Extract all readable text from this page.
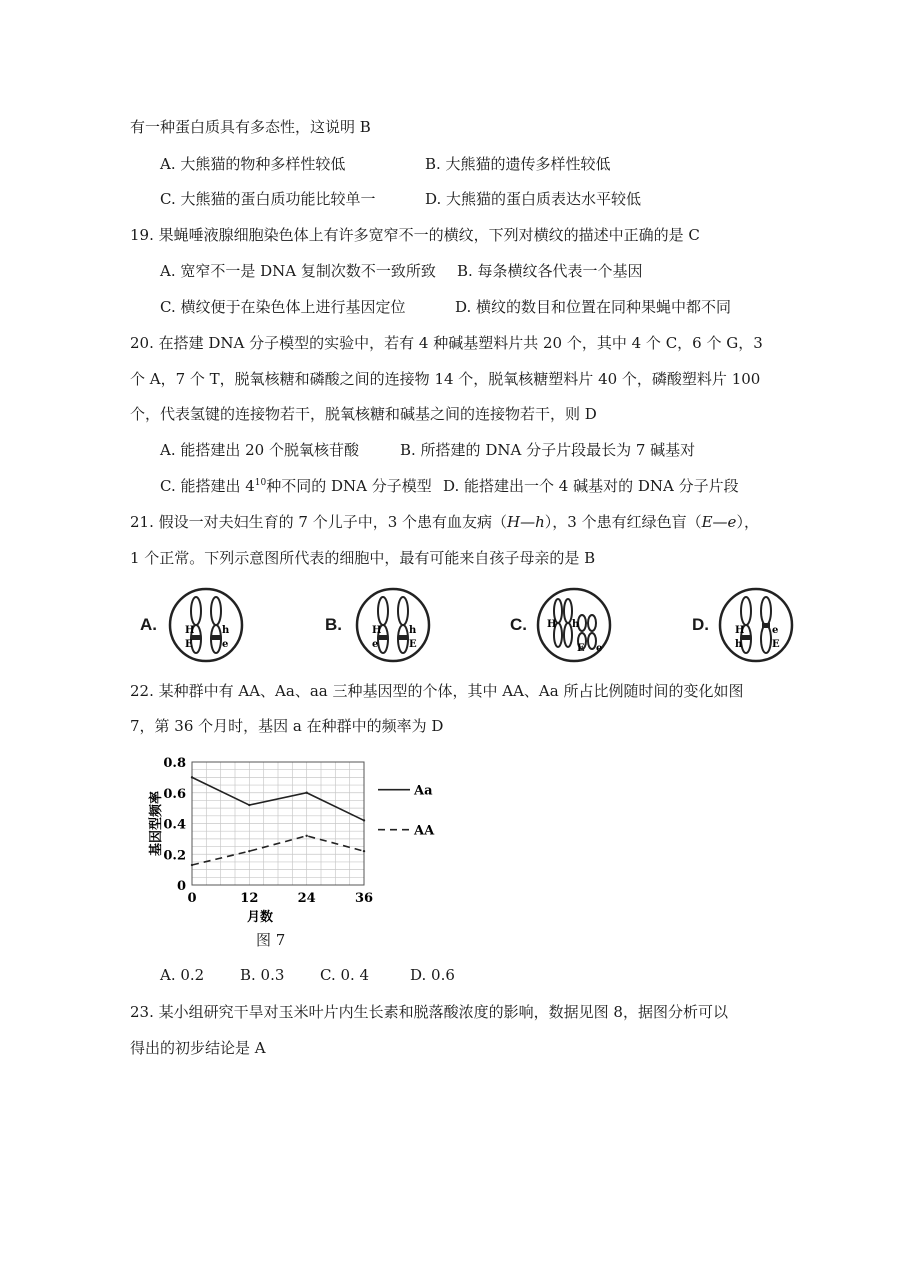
有一种蛋白质具有多态性，这说明 B
A. 大熊猫的物种多样性较低	B. 大熊猫的遗传多样性较低
C. 大熊猫的蛋白质功能比较单一	D. 大熊猫的蛋白质表达水平较低
19. 果蝇唾液腺细胞染色体上有许多宽窄不一的横纹，下列对横纹的描述中正确的是 C
A. 宽窄不一是 DNA 复制次数不一致所致 B. 每条横纹各代表一个基因
C. 横纹便于在染色体上进行基因定位	D. 横纹的数目和位置在同种果蝇中都不同
20. 在搭建 DNA 分子模型的实验中，若有 4 种碱基塑料片共 20 个，其中 4 个 C，6 个 G，3
个 A，7 个 T，脱氧核糖和磷酸之间的连接物 14 个，脱氧核糖塑料片 40 个，磷酸塑料片 100
个，代表氢键的连接物若干，脱氧核糖和碱基之间的连接物若干，则 D
A. 能搭建出 20 个脱氧核苷酸	B. 所搭建的 DNA 分子片段最长为 7 碱基对
C. 能搭建出 $4^{10}$种不同的 DNA 分子模型 D. 能搭建出一个 4 碱基对的 DNA 分子片段
21. 假设一对夫妇生育的 7 个儿子中，3 个患有血友病（H—h），3 个患有红绿色盲（E—e），
1 个正常。下列示意图所代表的细胞中，最有可能来自孩子母亲的是 B
A.	H
E
h
e
B.	H
e
h
E
C. H h
E e
D.	H
h
e
E
22. 某种群中有 AA、Aa、aa 三种基因型的个体，其中 AA、Aa 所占比例随时间的变化如图
7，第 36 个月时，基因 a 在种群中的频率为 D
0
0.2
0.4
0.6
0.8
0	12	24	36
月数
基因型频率	Aa
AA
图 7
A. 0.2 B. 0.3 C. 0. 4	D. 0.6
23. 某小组研究干旱对玉米叶片内生长素和脱落酸浓度的影响，数据见图 8，据图分析可以
得出的初步结论是 A
